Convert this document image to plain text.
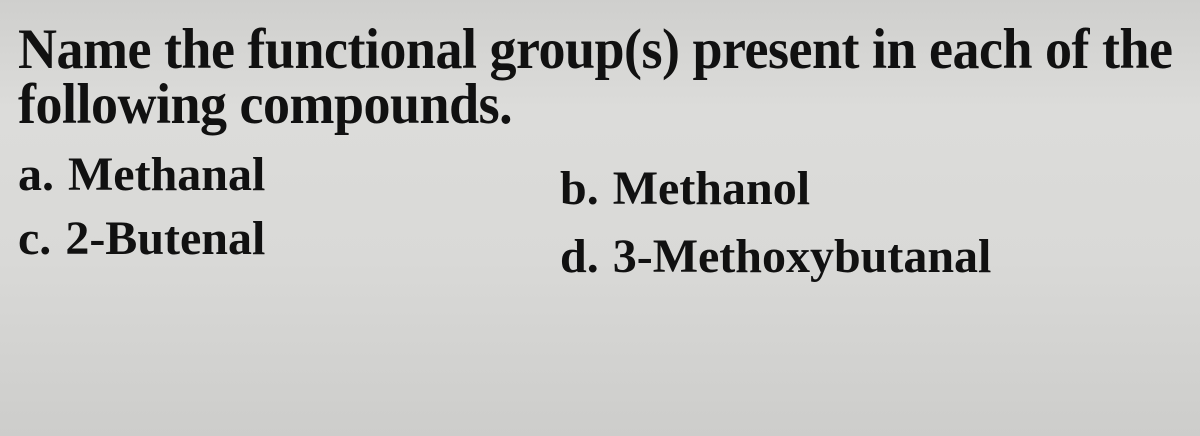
Name the functional group(s) present in each of the
following compounds.
a. Methanal	b. Methanol
c. 2-Butenal	d. 3-Methoxybutanal
